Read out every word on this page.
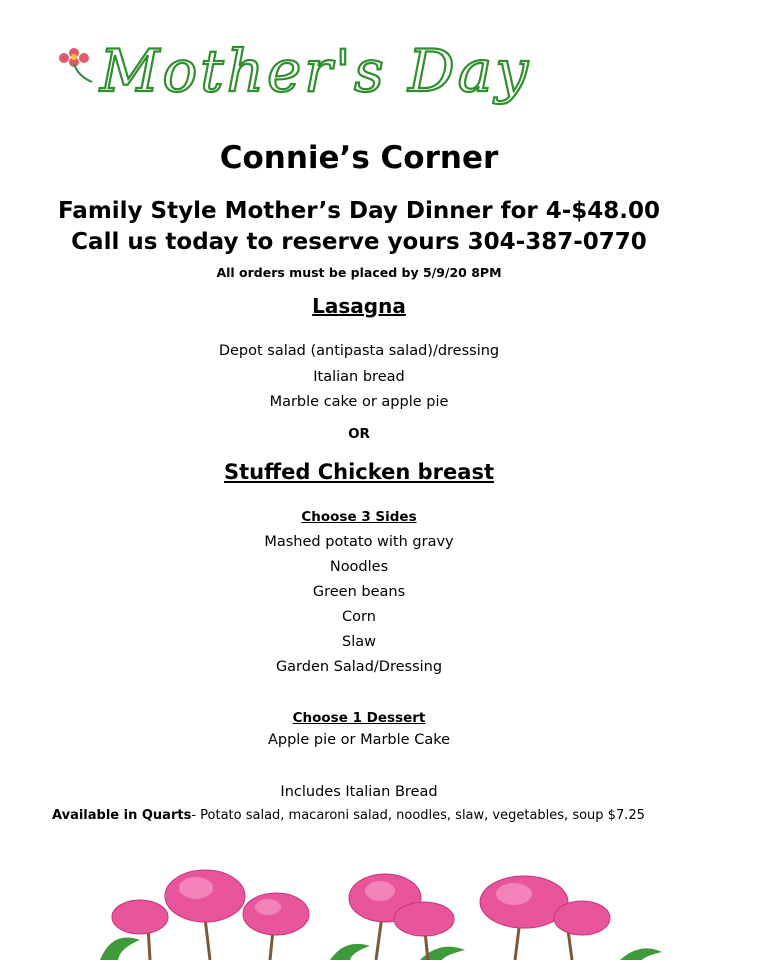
Mother's Day
Connie’s Corner
Family Style Mother’s Day Dinner for 4-$48.00
Call us today to reserve yours 304-387-0770
All orders must be placed by 5/9/20 8PM
Lasagna
Depot salad (antipasta salad)/dressing
Italian bread
Marble cake or apple pie
OR
Stuffed Chicken breast
Choose 3 Sides
Mashed potato with gravy
Noodles
Green beans
Corn
Slaw
Garden Salad/Dressing
Choose 1 Dessert
Apple pie or Marble Cake
Includes Italian Bread
Available in Quarts- Potato salad, macaroni salad, noodles, slaw, vegetables, soup $7.25
